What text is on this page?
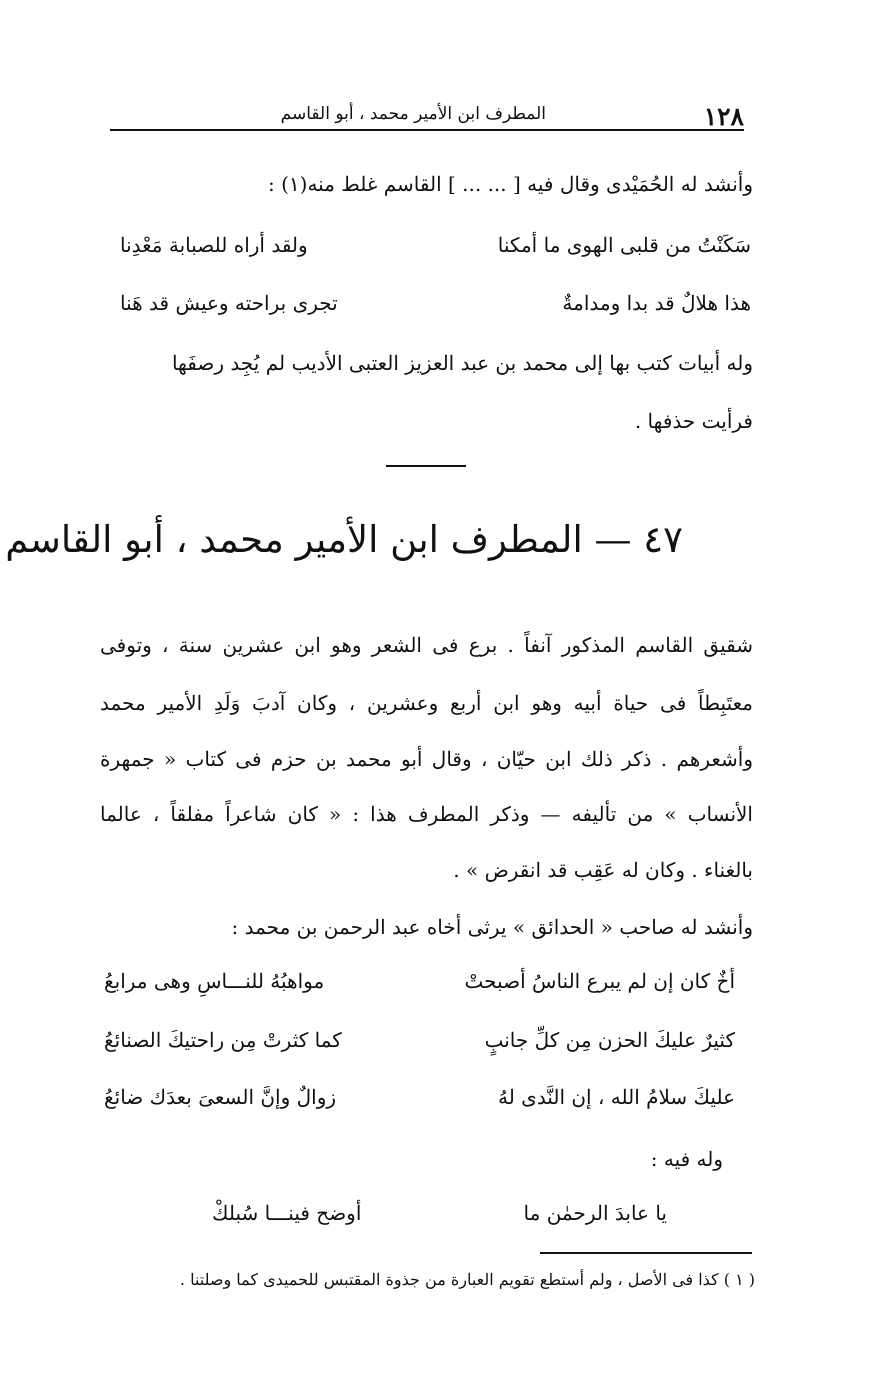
١٢٨
المطرف ابن الأمير محمد ، أبو القاسم
وأنشد له الحُمَيْدى وقال فيه [ ... ... ] القاسم غلط منه(١) :
سَكَنْتُ من قلبى الهوى ما أمكنا
ولقد أراه للصبابة مَعْدِنا
هذا هلالٌ قد بدا ومدامةٌ
تجرى براحته وعيش قد هَنا
وله أبيات كتب بها إلى محمد بن عبد العزيز العتبى الأديب لم يُجِد رصفَها
فرأيت حذفها .
٤٧ — المطرف ابن الأمير محمد ، أبو القاسم
شقيق القاسم المذكور آنفاً . برع فى الشعر وهو ابن عشرين سنة ، وتوفى
معتَبِطاً فى حياة أبيه وهو ابن أربع وعشرين ، وكان آدبَ وَلَدِ الأمير محمد
وأشعرهم . ذكر ذلك ابن حيّان ، وقال أبو محمد بن حزم فى كتاب « جمهرة
الأنساب » من تأليفه — وذكر المطرف هذا : « كان شاعراً مفلقاً ، عالما
بالغناء . وكان له عَقِب قد انقرض » .
وأنشد له صاحب « الحدائق » يرثى أخاه عبد الرحمن بن محمد :
أخٌ كان إن لم يبرع الناسُ أصبحتْ
مواهبُهُ للنـــاسِ وهى مرابعُ
كثيرٌ عليكَ الحزن مِن كلِّ جانبٍ
كما كثرتْ مِن راحتيكَ الصنائعُ
عليكَ سلامُ الله ، إن النَّدى لهُ
زوالٌ وإنَّ السعىَ بعدَك ضائعُ
وله فيه :
يا عابدَ الرحمٰن ما
أوضح فينـــا سُبلكْ
( ١ ) كذا فى الأصل ، ولم أستطع تقويم العبارة من جذوة المقتبس للحميدى كما وصلتنا .
